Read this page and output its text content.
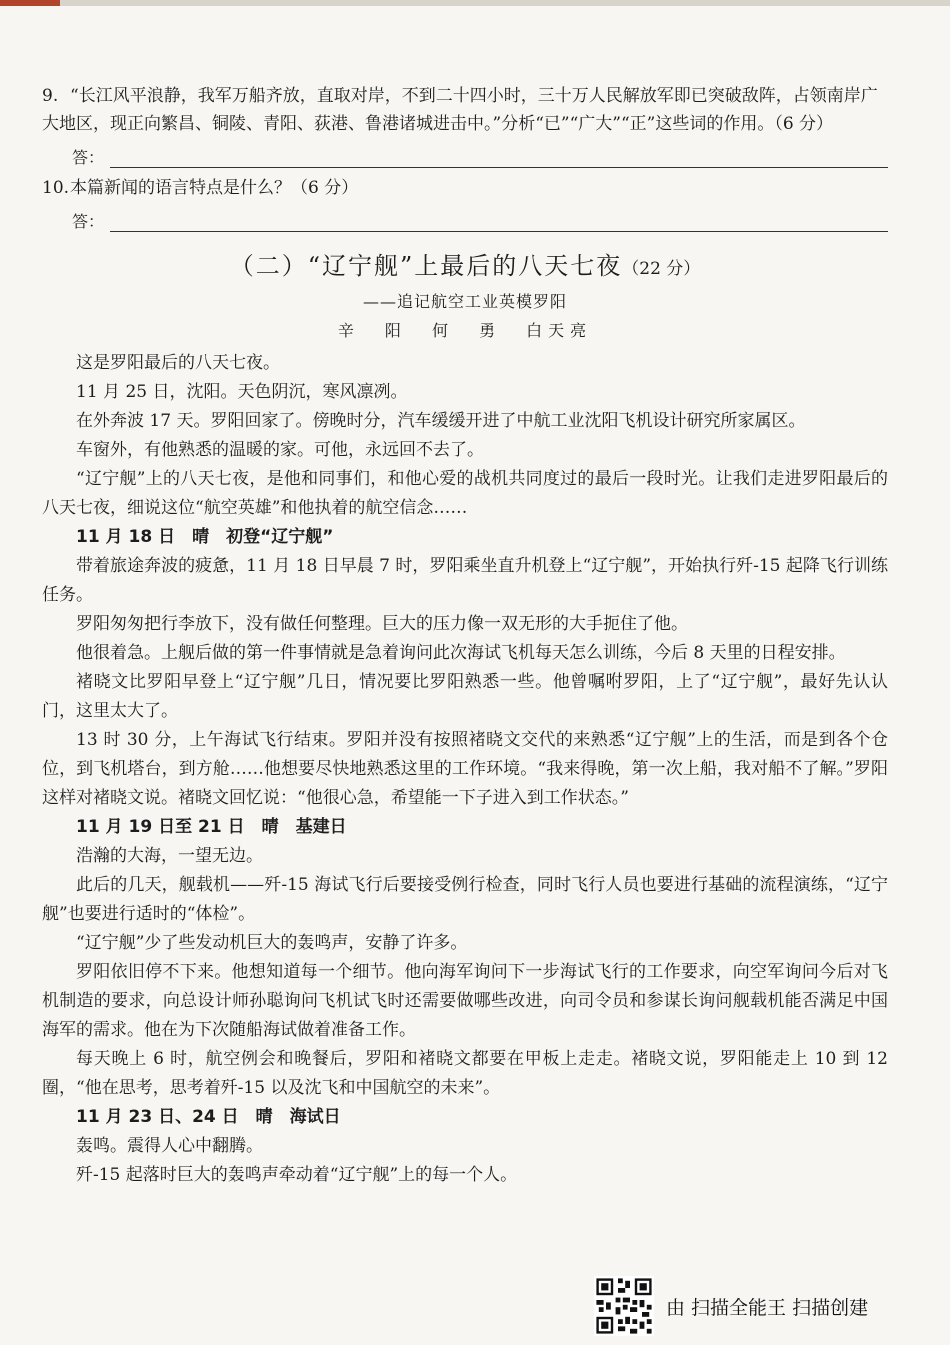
9. “长江风平浪静，我军万船齐放，直取对岸，不到二十四小时，三十万人民解放军即已突破敌阵，占领南岸广大地区，现正向繁昌、铜陵、青阳、荻港、鲁港诸城进击中。”分析“已”“广大”“正”这些词的作用。（6 分）

答：

10.本篇新闻的语言特点是什么？（6 分）

答：
（二）“辽宁舰”上最后的八天七夜（22 分）
——追记航空工业英模罗阳
辛 阳 何 勇 白天亮

这是罗阳最后的八天七夜。

11 月 25 日，沈阳。天色阴沉，寒风凛冽。

在外奔波 17 天。罗阳回家了。傍晚时分，汽车缓缓开进了中航工业沈阳飞机设计研究所家属区。

车窗外，有他熟悉的温暖的家。可他，永远回不去了。

“辽宁舰”上的八天七夜，是他和同事们，和他心爱的战机共同度过的最后一段时光。让我们走进罗阳最后的八天七夜，细说这位“航空英雄”和他执着的航空信念……

11 月 18 日　晴　初登“辽宁舰”

带着旅途奔波的疲惫，11 月 18 日早晨 7 时，罗阳乘坐直升机登上“辽宁舰”，开始执行歼-15 起降飞行训练任务。

罗阳匆匆把行李放下，没有做任何整理。巨大的压力像一双无形的大手扼住了他。

他很着急。上舰后做的第一件事情就是急着询问此次海试飞机每天怎么训练，今后 8 天里的日程安排。

褚晓文比罗阳早登上“辽宁舰”几日，情况要比罗阳熟悉一些。他曾嘱咐罗阳，上了“辽宁舰”，最好先认认门，这里太大了。

13 时 30 分，上午海试飞行结束。罗阳并没有按照褚晓文交代的来熟悉“辽宁舰”上的生活，而是到各个仓位，到飞机塔台，到方舱……他想要尽快地熟悉这里的工作环境。“我来得晚，第一次上船，我对船不了解。”罗阳这样对褚晓文说。褚晓文回忆说：“他很心急，希望能一下子进入到工作状态。”

11 月 19 日至 21 日　晴　基建日

浩瀚的大海，一望无边。

此后的几天，舰载机——歼-15 海试飞行后要接受例行检查，同时飞行人员也要进行基础的流程演练，“辽宁舰”也要进行适时的“体检”。

“辽宁舰”少了些发动机巨大的轰鸣声，安静了许多。

罗阳依旧停不下来。他想知道每一个细节。他向海军询问下一步海试飞行的工作要求，向空军询问今后对飞机制造的要求，向总设计师孙聪询问飞机试飞时还需要做哪些改进，向司令员和参谋长询问舰载机能否满足中国海军的需求。他在为下次随船海试做着准备工作。

每天晚上 6 时，航空例会和晚餐后，罗阳和褚晓文都要在甲板上走走。褚晓文说，罗阳能走上 10 到 12 圈，“他在思考，思考着歼-15 以及沈飞和中国航空的未来”。

11 月 23 日、24 日　晴　海试日

轰鸣。震得人心中翻腾。

歼-15 起落时巨大的轰鸣声牵动着“辽宁舰”上的每一个人。

由 扫描全能王 扫描创建
